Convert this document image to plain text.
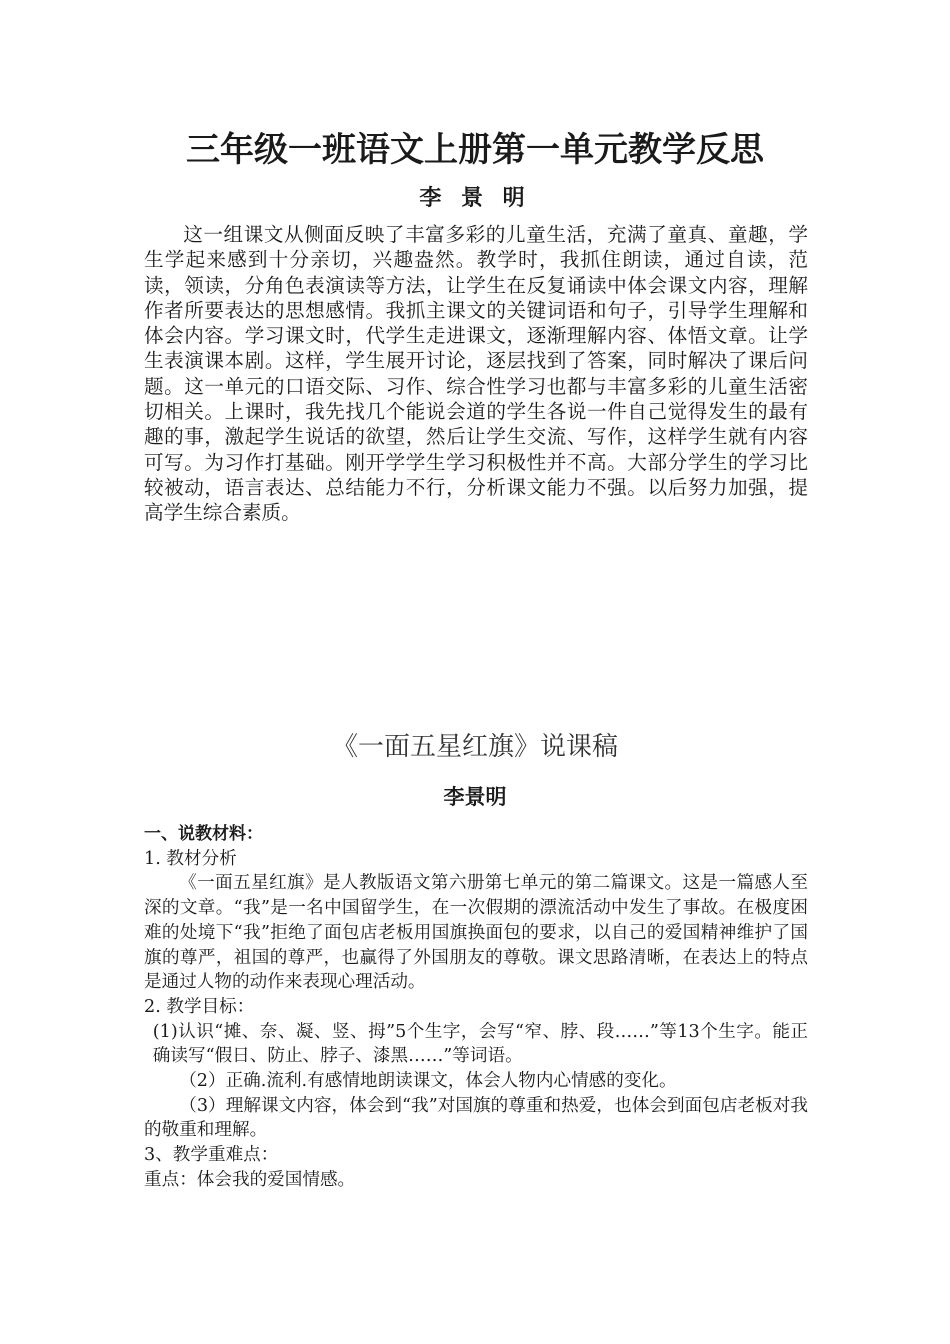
三年级一班语文上册第一单元教学反思
李 景 明

这一组课文从侧面反映了丰富多彩的儿童生活，充满了童真、童趣，学生学起来感到十分亲切，兴趣盎然。教学时，我抓住朗读，通过自读，范读，领读，分角色表演读等方法，让学生在反复诵读中体会课文内容，理解作者所要表达的思想感情。我抓主课文的关键词语和句子，引导学生理解和体会内容。学习课文时，代学生走进课文，逐渐理解内容、体悟文章。让学生表演课本剧。这样，学生展开讨论，逐层找到了答案，同时解决了课后问题。这一单元的口语交际、习作、综合性学习也都与丰富多彩的儿童生活密切相关。上课时，我先找几个能说会道的学生各说一件自己觉得发生的最有趣的事，激起学生说话的欲望，然后让学生交流、写作，这样学生就有内容可写。为习作打基础。刚开学学生学习积极性并不高。大部分学生的学习比较被动，语言表达、总结能力不行，分析课文能力不强。以后努力加强，提高学生综合素质。

《一面五星红旗》说课稿
李景明

一、说教材料：

1. 教材分析

《一面五星红旗》是人教版语文第六册第七单元的第二篇课文。这是一篇感人至深的文章。“我”是一名中国留学生，在一次假期的漂流活动中发生了事故。在极度困难的处境下“我”拒绝了面包店老板用国旗换面包的要求，以自己的爱国精神维护了国旗的尊严，祖国的尊严，也赢得了外国朋友的尊敬。课文思路清晰，在表达上的特点是通过人物的动作来表现心理活动。

2. 教学目标：

(1)认识“摊、奈、凝、竖、拇”5个生字，会写“窄、脖、段……”等13个生字。能正确读写“假日、防止、脖子、漆黑……”等词语。

（2）正确.流利.有感情地朗读课文，体会人物内心情感的变化。

（3）理解课文内容，体会到“我”对国旗的尊重和热爱，也体会到面包店老板对我的敬重和理解。

3、教学重难点：

重点：体会我的爱国情感。
